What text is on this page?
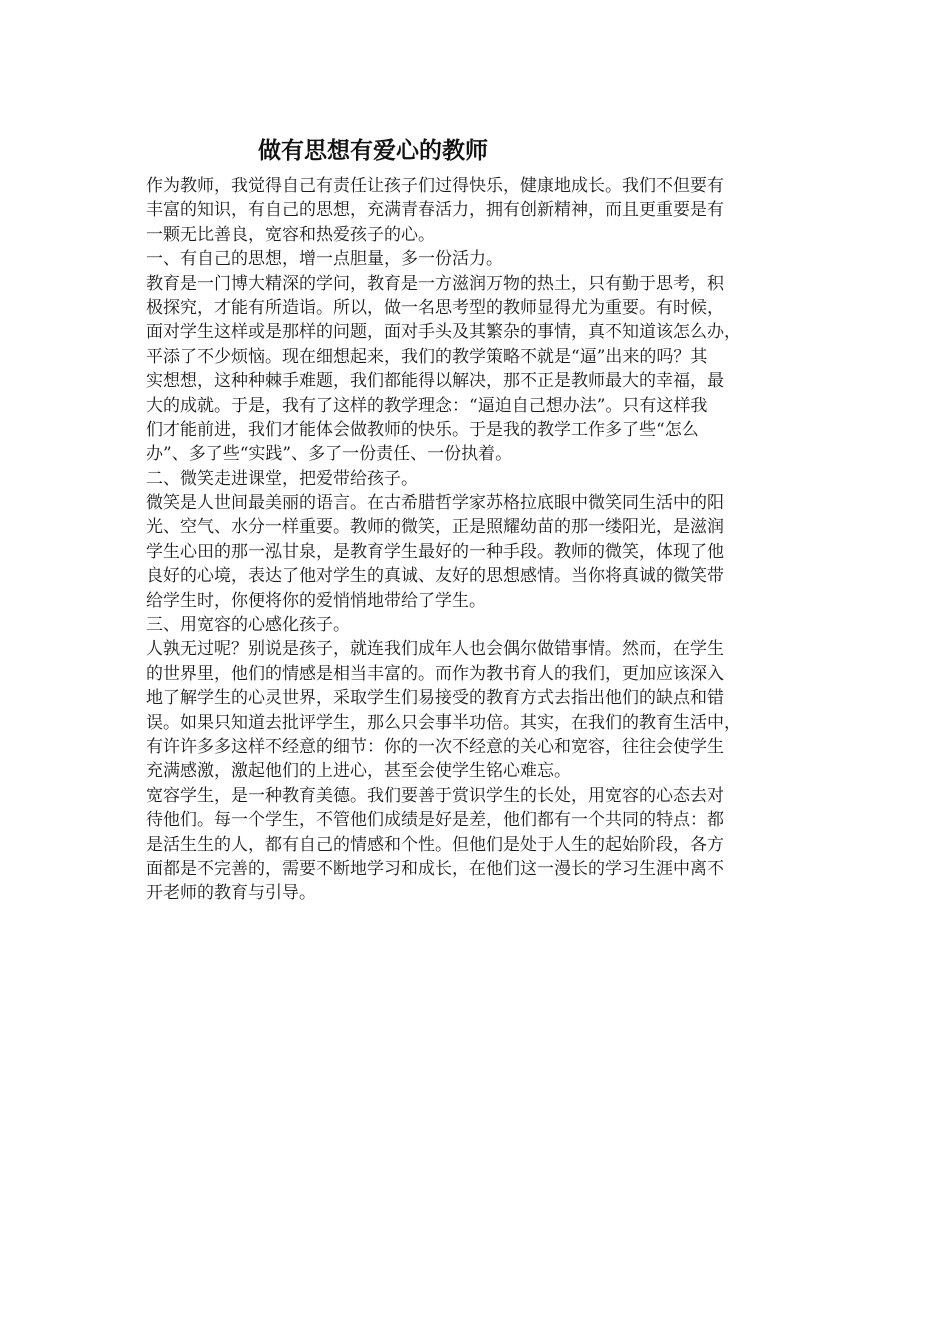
做有思想有爱心的教师
作为教师，我觉得自己有责任让孩子们过得快乐，健康地成长。我们不但要有
丰富的知识，有自己的思想，充满青春活力，拥有创新精神，而且更重要是有
一颗无比善良，宽容和热爱孩子的心。
一、有自己的思想，增一点胆量，多一份活力。
教育是一门博大精深的学问，教育是一方滋润万物的热土，只有勤于思考，积
极探究，才能有所造诣。所以，做一名思考型的教师显得尤为重要。有时候，
面对学生这样或是那样的问题，面对手头及其繁杂的事情，真不知道该怎么办，
平添了不少烦恼。现在细想起来，我们的教学策略不就是“逼”出来的吗？其
实想想，这种种棘手难题，我们都能得以解决，那不正是教师最大的幸福，最
大的成就。于是，我有了这样的教学理念：“逼迫自己想办法”。只有这样我
们才能前进，我们才能体会做教师的快乐。于是我的教学工作多了些“怎么
办”、多了些“实践”、多了一份责任、一份执着。
二、微笑走进课堂，把爱带给孩子。
微笑是人世间最美丽的语言。在古希腊哲学家苏格拉底眼中微笑同生活中的阳
光、空气、水分一样重要。教师的微笑，正是照耀幼苗的那一缕阳光，是滋润
学生心田的那一泓甘泉，是教育学生最好的一种手段。教师的微笑，体现了他
良好的心境，表达了他对学生的真诚、友好的思想感情。当你将真诚的微笑带
给学生时，你便将你的爱悄悄地带给了学生。
三、用宽容的心感化孩子。
人孰无过呢？别说是孩子，就连我们成年人也会偶尔做错事情。然而，在学生
的世界里，他们的情感是相当丰富的。而作为教书育人的我们，更加应该深入
地了解学生的心灵世界，采取学生们易接受的教育方式去指出他们的缺点和错
误。如果只知道去批评学生，那么只会事半功倍。其实，在我们的教育生活中，
有许许多多这样不经意的细节：你的一次不经意的关心和宽容，往往会使学生
充满感激，激起他们的上进心，甚至会使学生铭心难忘。
宽容学生，是一种教育美德。我们要善于赏识学生的长处，用宽容的心态去对
待他们。每一个学生，不管他们成绩是好是差，他们都有一个共同的特点：都
是活生生的人，都有自己的情感和个性。但他们是处于人生的起始阶段，各方
面都是不完善的，需要不断地学习和成长，在他们这一漫长的学习生涯中离不
开老师的教育与引导。
